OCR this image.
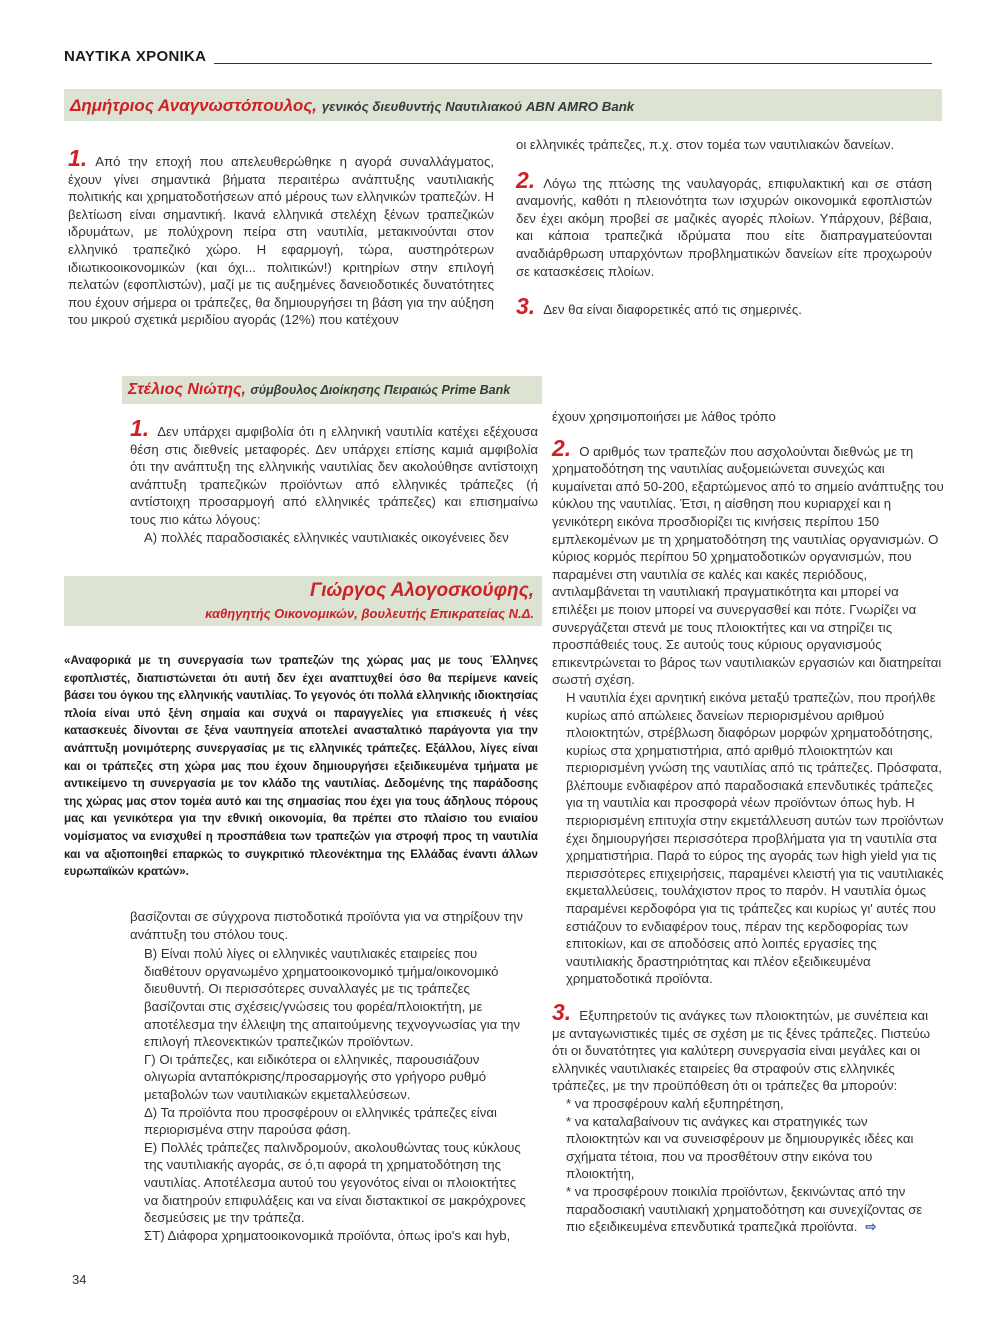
ΝΑΥΤΙΚΑ ΧΡΟΝΙΚΑ
Δημήτριος Αναγνωστόπουλος, γενικός διευθυντής Ναυτιλιακού ABN AMRO Bank

1. Από την εποχή που απελευθερώθηκε η αγορά συναλλάγματος, έχουν γίνει σημαντικά βήματα περαιτέρω ανάπτυξης ναυτιλιακής πολιτικής και χρηματοδοτήσεων από μέρους των ελληνικών τραπεζών. Η βελτίωση είναι σημαντική. Ικανά ελληνικά στελέχη ξένων τραπεζικών ιδρυμάτων, με πολύχρονη πείρα στη ναυτιλία, μετακινούνται στον ελληνικό τραπεζικό χώρο. Η εφαρμογή, τώρα, αυστηρότερων ιδιωτικοοικονομικών (και όχι... πολιτικών!) κριτηρίων στην επιλογή πελατών (εφοπλιστών), μαζί με τις αυξημένες δανειοδοτικές δυνατότητες που έχουν σήμερα οι τράπεζες, θα δημιουργήσει τη βάση για την αύξηση του μικρού σχετικά μεριδίου αγοράς (12%) που κατέχουν

οι ελληνικές τράπεζες, π.χ. στον τομέα των ναυτιλιακών δανείων.

2. Λόγω της πτώσης της ναυλαγοράς, επιφυλακτική και σε στάση αναμονής, καθότι η πλειονότητα των ισχυρών οικονομικά εφοπλιστών δεν έχει ακόμη προβεί σε μαζικές αγορές πλοίων. Υπάρχουν, βέβαια, και κάποια τραπεζικά ιδρύματα που είτε διαπραγματεύονται αναδιάρθρωση υπαρχόντων προβληματικών δανείων είτε προχωρούν σε κατασκέσεις πλοίων.

3. Δεν θα είναι διαφορετικές από τις σημερινές.

Στέλιος Νιώτης, σύμβουλος Διοίκησης Πειραιώς Prime Bank

1. Δεν υπάρχει αμφιβολία ότι η ελληνική ναυτιλία κατέχει εξέχουσα θέση στις διεθνείς μεταφορές. Δεν υπάρχει επίσης καμιά αμφιβολία ότι την ανάπτυξη της ελληνικής ναυτιλίας δεν ακολούθησε αντίστοιχη ανάπτυξη τραπεζικών προϊόντων από ελληνικές τράπεζες (ή αντίστοιχη προσαρμογή από ελληνικές τράπεζες) και επισημαίνω τους πιο κάτω λόγους:

Α) πολλές παραδοσιακές ελληνικές ναυτιλιακές οικογένειες δεν

Γιώργος Αλογοσκούφης,
καθηγητής Οικονομικών, βουλευτής Επικρατείας Ν.Δ.

«Αναφορικά με τη συνεργασία των τραπεζών της χώρας μας με τους Έλληνες εφοπλιστές, διαπιστώνεται ότι αυτή δεν έχει αναπτυχθεί όσο θα περίμενε κανείς βάσει του όγκου της ελληνικής ναυτιλίας. Το γεγονός ότι πολλά ελληνικής ιδιοκτησίας πλοία είναι υπό ξένη σημαία και συχνά οι παραγγελίες για επισκευές ή νέες κατασκευές δίνονται σε ξένα ναυπηγεία αποτελεί ανασταλτικό παράγοντα για την ανάπτυξη μονιμότερης συνεργασίας με τις ελληνικές τράπεζες. Εξάλλου, λίγες είναι και οι τράπεζες στη χώρα μας που έχουν δημιουργήσει εξειδικευμένα τμήματα με αντικείμενο τη συνεργασία με τον κλάδο της ναυτιλίας. Δεδομένης της παράδοσης της χώρας μας στον τομέα αυτό και της σημασίας που έχει για τους άδηλους πόρους μας και γενικότερα για την εθνική οικονομία, θα πρέπει στο πλαίσιο του ενιαίου νομίσματος να ενισχυθεί η προσπάθεια των τραπεζών για στροφή προς τη ναυτιλία και να αξιοποιηθεί επαρκώς το συγκριτικό πλεονέκτημα της Ελλάδας έναντι άλλων ευρωπαϊκών κρατών».

βασίζονται σε σύγχρονα πιστοδοτικά προϊόντα για να στηρίξουν την ανάπτυξη του στόλου τους.

Β) Είναι πολύ λίγες οι ελληνικές ναυτιλιακές εταιρείες που διαθέτουν οργανωμένο χρηματοοικονομικό τμήμα/οικονομικό διευθυντή. Οι περισσότερες συναλλαγές με τις τράπεζες βασίζονται στις σχέσεις/γνώσεις του φορέα/πλοιοκτήτη, με αποτέλεσμα την έλλειψη της απαιτούμενης τεχνογνωσίας για την επιλογή πλεονεκτικών τραπεζικών προϊόντων.

Γ) Οι τράπεζες, και ειδικότερα οι ελληνικές, παρουσιάζουν ολιγωρία ανταπόκρισης/προσαρμογής στο γρήγορο ρυθμό μεταβολών των ναυτιλιακών εκμεταλλεύσεων.

Δ) Τα προϊόντα που προσφέρουν οι ελληνικές τράπεζες είναι περιορισμένα στην παρούσα φάση.

Ε) Πολλές τράπεζες παλινδρομούν, ακολουθώντας τους κύκλους της ναυτιλιακής αγοράς, σε ό,τι αφορά τη χρηματοδότηση της ναυτιλίας. Αποτέλεσμα αυτού του γεγονότος είναι οι πλοιοκτήτες να διατηρούν επιφυλάξεις και να είναι διστακτικοί σε μακρόχρονες δεσμεύσεις με την τράπεζα.

ΣΤ) Διάφορα χρηματοοικονομικά προϊόντα, όπως ipo's και hyb,

έχουν χρησιμοποιήσει με λάθος τρόπο

2. Ο αριθμός των τραπεζών που ασχολούνται διεθνώς με τη χρηματοδότηση της ναυτιλίας αυξομειώνεται συνεχώς και κυμαίνεται από 50-200, εξαρτώμενος από το σημείο ανάπτυξης του κύκλου της ναυτιλίας. Έτσι, η αίσθηση που κυριαρχεί και η γενικότερη εικόνα προσδιορίζει τις κινήσεις περίπου 150 εμπλεκομένων με τη χρηματοδότηση της ναυτιλίας οργανισμών. Ο κύριος κορμός περίπου 50 χρηματοδοτικών οργανισμών, που παραμένει στη ναυτιλία σε καλές και κακές περιόδους, αντιλαμβάνεται τη ναυτιλιακή πραγματικότητα και μπορεί να επιλέξει με ποιον μπορεί να συνεργασθεί και πότε. Γνωρίζει να συνεργάζεται στενά με τους πλοιοκτήτες και να στηρίζει τις προσπάθειές τους. Σε αυτούς τους κύριους οργανισμούς επικεντρώνεται το βάρος των ναυτιλιακών εργασιών και διατηρείται σωστή σχέση.

Η ναυτιλία έχει αρνητική εικόνα μεταξύ τραπεζών, που προήλθε κυρίως από απώλειες δανείων περιορισμένου αριθμού πλοιοκτητών, στρέβλωση διαφόρων μορφών χρηματοδότησης, κυρίως στα χρηματιστήρια, από αριθμό πλοιοκτητών και περιορισμένη γνώση της ναυτιλίας από τις τράπεζες. Πρόσφατα, βλέπουμε ενδιαφέρον από παραδοσιακά επενδυτικές τράπεζες για τη ναυτιλία και προσφορά νέων προϊόντων όπως hyb. Η περιορισμένη επιτυχία στην εκμετάλλευση αυτών των προϊόντων έχει δημιουργήσει περισσότερα προβλήματα για τη ναυτιλία στα χρηματιστήρια. Παρά το εύρος της αγοράς των high yield για τις περισσότερες επιχειρήσεις, παραμένει κλειστή για τις ναυτιλιακές εκμεταλλεύσεις, τουλάχιστον προς το παρόν. Η ναυτιλία όμως παραμένει κερδοφόρα για τις τράπεζες και κυρίως γι' αυτές που εστιάζουν το ενδιαφέρον τους, πέραν της κερδοφορίας των επιτοκίων, και σε αποδόσεις από λοιπές εργασίες της ναυτιλιακής δραστηριότητας και πλέον εξειδικευμένα χρηματοδοτικά προϊόντα.

3. Εξυπηρετούν τις ανάγκες των πλοιοκτητών, με συνέπεια και με ανταγωνιστικές τιμές σε σχέση με τις ξένες τράπεζες. Πιστεύω ότι οι δυνατότητες για καλύτερη συνεργασία είναι μεγάλες και οι ελληνικές ναυτιλιακές εταιρείες θα στραφούν στις ελληνικές τράπεζες, με την προϋπόθεση ότι οι τράπεζες θα μπορούν:

* να προσφέρουν καλή εξυπηρέτηση,

* να καταλαβαίνουν τις ανάγκες και στρατηγικές των πλοιοκτητών και να συνεισφέρουν με δημιουργικές ιδέες και σχήματα τέτοια, που να προσθέτουν στην εικόνα του πλοιοκτήτη,

* να προσφέρουν ποικιλία προϊόντων, ξεκινώντας από την παραδοσιακή ναυτιλιακή χρηματοδότηση και συνεχίζοντας σε πιο εξειδικευμένα επενδυτικά τραπεζικά προϊόντα. ⇨

34
